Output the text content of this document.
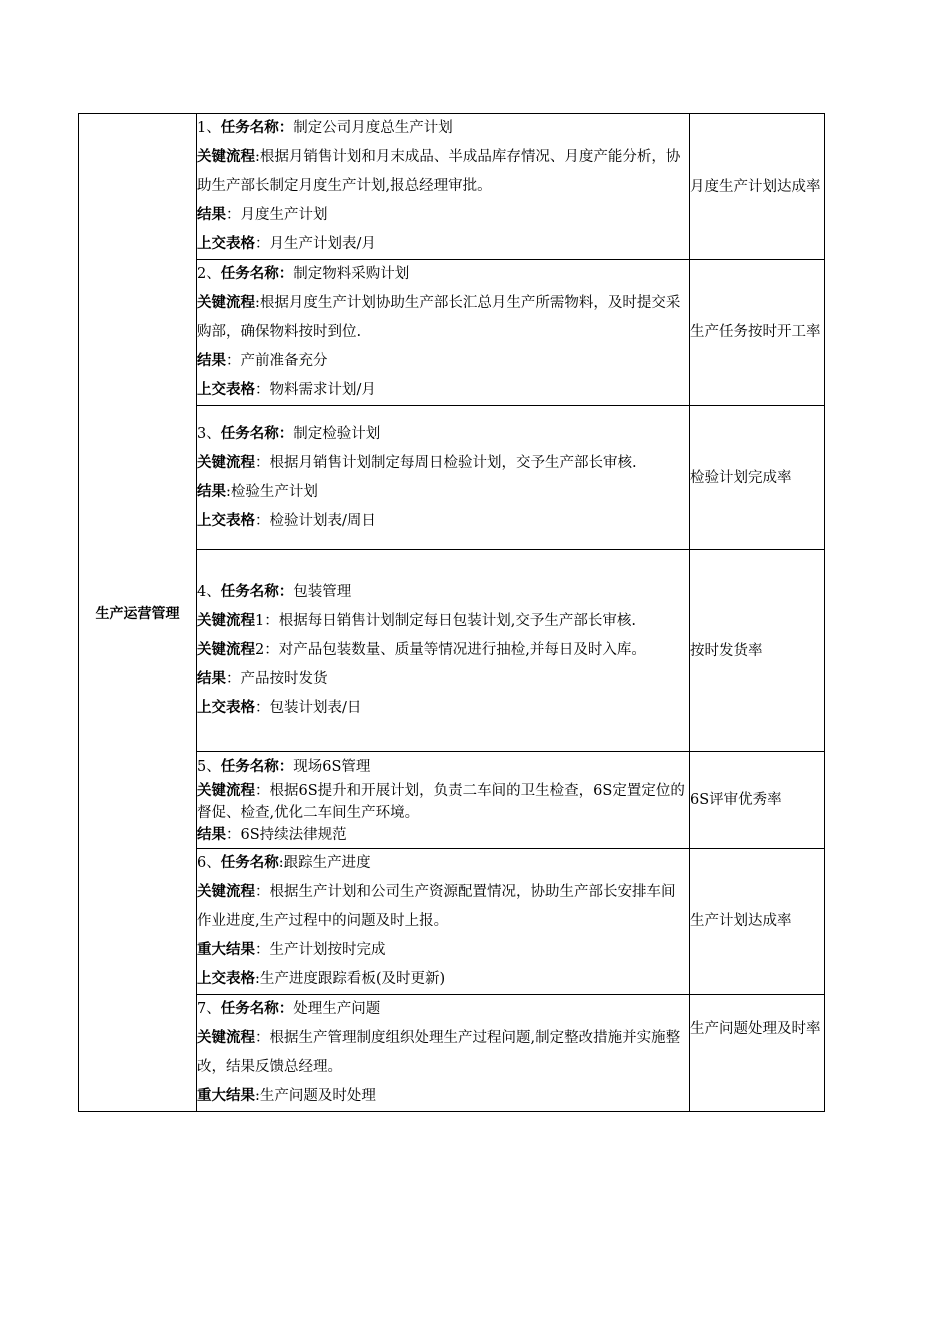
生产运营管理	1、任务名称：制定公司月度总生产计划

关键流程:根据月销售计划和月末成品、半成品库存情况、月度产能分析，协助生产部长制定月度生产计划,报总经理审批。

结果：月度生产计划

上交表格：月生产计划表/月	月度生产计划达成率

	2、任务名称：制定物料采购计划

关键流程:根据月度生产计划协助生产部长汇总月生产所需物料，及时提交采购部，确保物料按时到位.

结果：产前准备充分

上交表格：物料需求计划/月	生产任务按时开工率

	3、任务名称：制定检验计划

关键流程：根据月销售计划制定每周日检验计划，交予生产部长审核.

结果:检验生产计划

上交表格：检验计划表/周日	检验计划完成率

	4、任务名称：包装管理

关键流程1：根据每日销售计划制定每日包装计划,交予生产部长审核.

关键流程2：对产品包装数量、质量等情况进行抽检,并每日及时入库。

结果：产品按时发货

上交表格：包装计划表/日	按时发货率

	5、任务名称：现场6S管理

关键流程：根据6S提升和开展计划，负责二车间的卫生检查，6S定置定位的督促、检查,优化二车间生产环境。

结果：6S持续法律规范	6S评审优秀率

	6、任务名称:跟踪生产进度

关键流程：根据生产计划和公司生产资源配置情况，协助生产部长安排车间作业进度,生产过程中的问题及时上报。

重大结果：生产计划按时完成

上交表格:生产进度跟踪看板(及时更新)	生产计划达成率

	7、任务名称：处理生产问题

关键流程：根据生产管理制度组织处理生产过程问题,制定整改措施并实施整改，结果反馈总经理。

重大结果:生产问题及时处理	生产问题处理及时率
